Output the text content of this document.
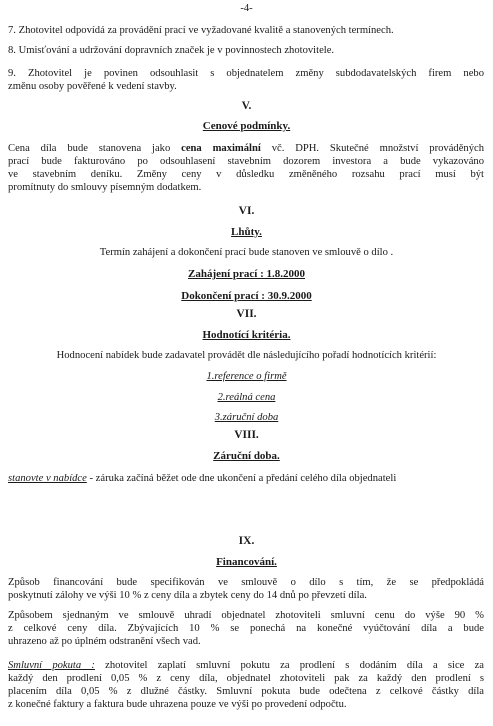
-4-
7. Zhotovitel odpovídá za provádění prací ve vyžadované kvalitě a stanovených termínech.
8. Umisťování a udržování dopravních značek je v povinnostech zhotovitele.
9. Zhotovitel je povinen odsouhlasit s objednatelem změny subdodavatelských firem nebo
změnu osoby pověřené k vedení stavby.
V.
Cenové podmínky.
Cena díla bude stanovena jako cena maximální vč. DPH. Skutečné množství prováděných
prací bude fakturováno po odsouhlasení stavebním dozorem investora a bude vykazováno
ve stavebním deníku. Změny ceny v důsledku změněného rozsahu prací musí být
promítnuty do smlouvy písemným dodatkem.
VI.
Lhůty.
Termín zahájení a dokončení prací bude stanoven ve smlouvě o dílo .
Zahájení prací : 1.8.2000
Dokončení prací : 30.9.2000
VII.
Hodnotící kritéria.
Hodnocení nabídek bude zadavatel provádět dle následujícího pořadí hodnotících kritérií:
1.reference o firmě
2.reálná cena
3.záruční doba
VIII.
Záruční doba.
stanovte v nabídce - záruka začíná běžet ode dne ukončení a předání celého díla objednateli
IX.
Financování.
Způsob financování bude specifikován ve smlouvě o dílo s tím, že se předpokládá
poskytnutí zálohy ve výši 10 % z ceny díla a zbytek ceny do 14 dnů po převzetí díla.
Způsobem sjednaným ve smlouvě uhradí objednatel zhotoviteli smluvní cenu do výše 90 %
z celkové ceny díla. Zbývajících 10 % se ponechá na konečné vyúčtování díla a bude
uhrazeno až po úplném odstranění všech vad.
Smluvní pokuta : zhotovitel zaplatí smluvní pokutu za prodlení s dodáním díla a sice za
každý den prodlení 0,05 % z ceny díla, objednatel zhotoviteli pak za každý den prodlení s
placením díla 0,05 % z dlužné částky. Smluvní pokuta bude odečtena z celkové částky díla
z konečné faktury a faktura bude uhrazena pouze ve výši po provedení odpočtu.
